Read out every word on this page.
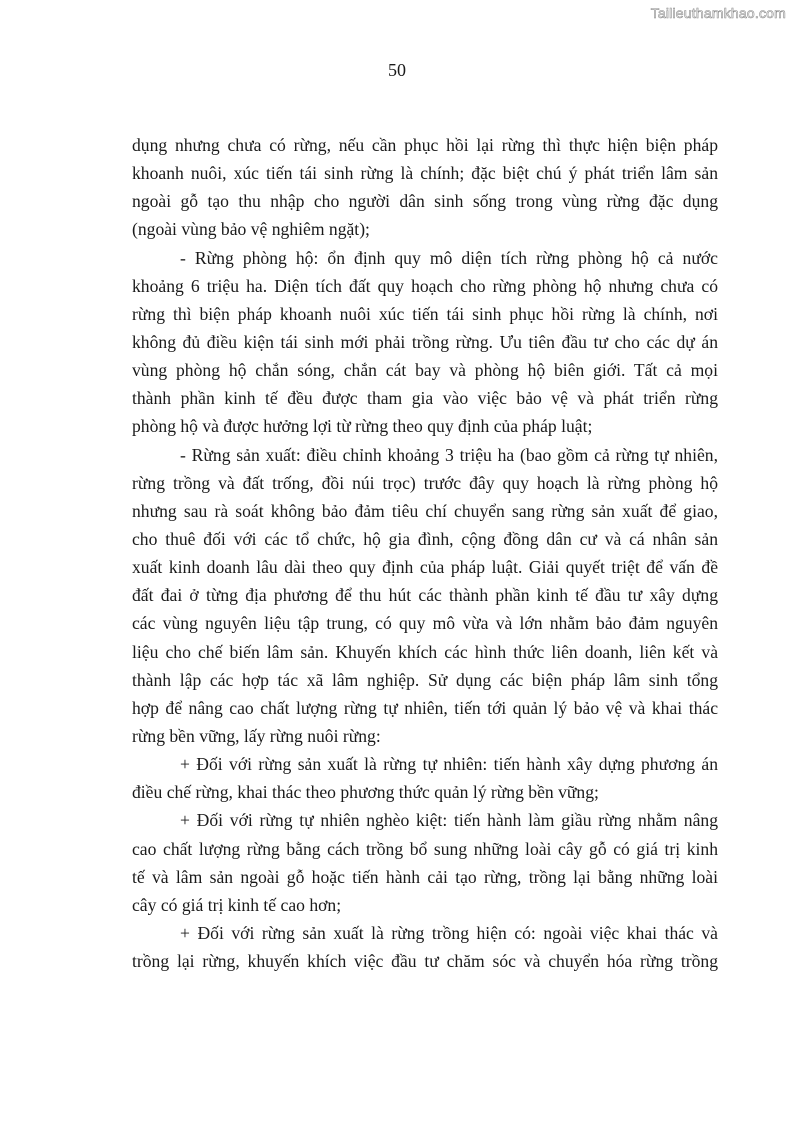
Tailieuthamkhao.com
50
dụng nhưng chưa có rừng, nếu cần phục hồi lại rừng thì thực hiện biện pháp
khoanh nuôi, xúc tiến tái sinh rừng là chính; đặc biệt chú ý phát triển lâm sản
ngoài gỗ tạo thu nhập cho người dân sinh sống trong vùng rừng đặc dụng
(ngoài vùng bảo vệ nghiêm ngặt);
- Rừng phòng hộ: ổn định quy mô diện tích rừng phòng hộ cả nước
khoảng 6 triệu ha. Diện tích đất quy hoạch cho rừng phòng hộ nhưng chưa có
rừng thì biện pháp khoanh nuôi xúc tiến tái sinh phục hồi rừng là chính, nơi
không đủ điều kiện tái sinh mới phải trồng rừng. Ưu tiên đầu tư cho các dự án
vùng phòng hộ chắn sóng, chắn cát bay và phòng hộ biên giới. Tất cả mọi
thành phần kinh tế đều được tham gia vào việc bảo vệ và phát triển rừng
phòng hộ và được hưởng lợi từ rừng theo quy định của pháp luật;
- Rừng sản xuất: điều chỉnh khoảng 3 triệu ha (bao gồm cả rừng tự nhiên,
rừng trồng và đất trống, đồi núi trọc) trước đây quy hoạch là rừng phòng hộ
nhưng sau rà soát không bảo đảm tiêu chí chuyển sang rừng sản xuất để giao,
cho thuê đối với các tổ chức, hộ gia đình, cộng đồng dân cư và cá nhân sản
xuất kinh doanh lâu dài theo quy định của pháp luật. Giải quyết triệt để vấn đề
đất đai ở từng địa phương để thu hút các thành phần kinh tế đầu tư xây dựng
các vùng nguyên liệu tập trung, có quy mô vừa và lớn nhằm bảo đảm nguyên
liệu cho chế biến lâm sản. Khuyến khích các hình thức liên doanh, liên kết và
thành lập các hợp tác xã lâm nghiệp. Sử dụng các biện pháp lâm sinh tổng
hợp để nâng cao chất lượng rừng tự nhiên, tiến tới quản lý bảo vệ và khai thác
rừng bền vững, lấy rừng nuôi rừng:
+ Đối với rừng sản xuất là rừng tự nhiên: tiến hành xây dựng phương án
điều chế rừng, khai thác theo phương thức quản lý rừng bền vững;
+ Đối với rừng tự nhiên nghèo kiệt: tiến hành làm giầu rừng nhằm nâng
cao chất lượng rừng bằng cách trồng bổ sung những loài cây gỗ có giá trị kinh
tế và lâm sản ngoài gỗ hoặc tiến hành cải tạo rừng, trồng lại bằng những loài
cây có giá trị kinh tế cao hơn;
+ Đối với rừng sản xuất là rừng trồng hiện có: ngoài việc khai thác và
trồng lại rừng, khuyến khích việc đầu tư chăm sóc và chuyển hóa rừng trồng
